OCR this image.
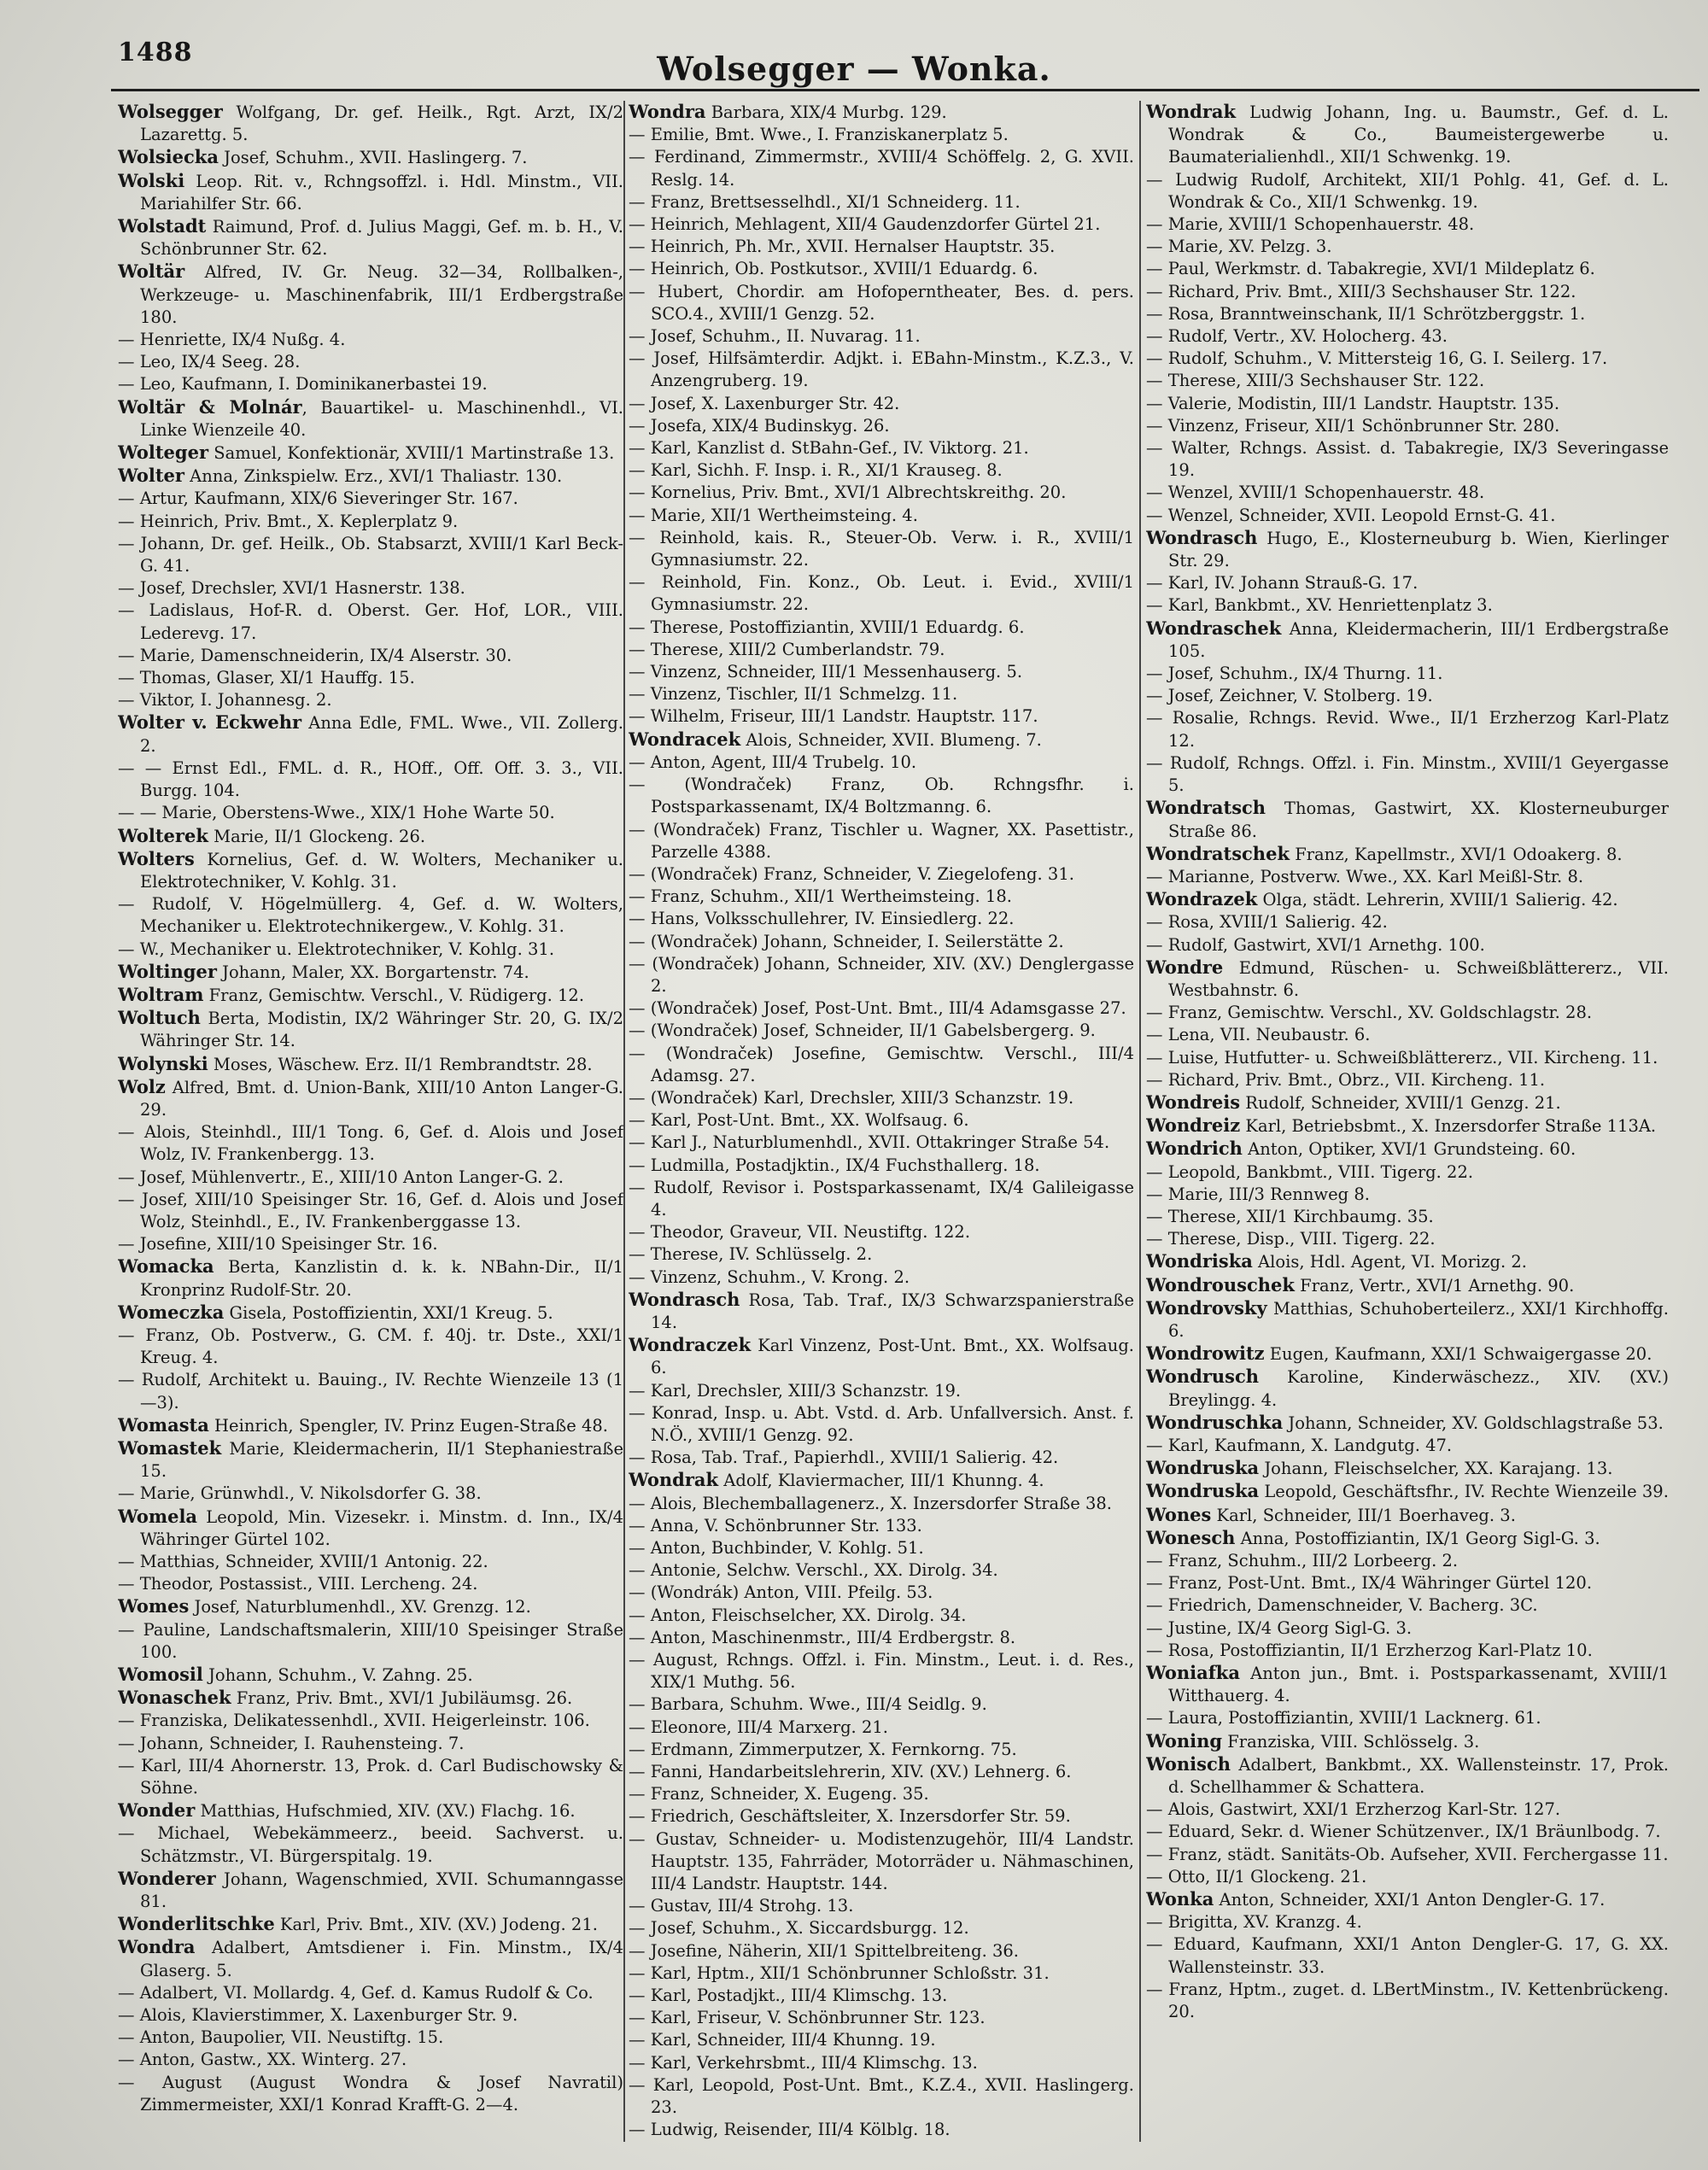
1488	Wolsegger — Wonka.

Wolsegger Wolfgang, Dr. gef. Heilk., Rgt. Arzt, IX/2 Lazarettg. 5.

Wolsiecka Josef, Schuhm., XVII. Haslingerg. 7.

Wolski Leop. Rit. v., Rchngsoffzl. i. Hdl. Minstm., VII. Mariahilfer Str. 66.

Wolstadt Raimund, Prof. d. Julius Maggi, Gef. m. b. H., V. Schönbrunner Str. 62.

Woltär Alfred, IV. Gr. Neug. 32—34, Rollbalken-, Werkzeuge- u. Maschinenfabrik, III/1 Erdbergstraße 180.

— Henriette, IX/4 Nußg. 4.

— Leo, IX/4 Seeg. 28.

— Leo, Kaufmann, I. Dominikanerbastei 19.

Woltär & Molnár, Bauartikel- u. Maschinenhdl., VI. Linke Wienzeile 40.

Wolteger Samuel, Konfektionär, XVIII/1 Martinstraße 13.

Wolter Anna, Zinkspielw. Erz., XVI/1 Thaliastr. 130.

— Artur, Kaufmann, XIX/6 Sieveringer Str. 167.

— Heinrich, Priv. Bmt., X. Keplerplatz 9.

— Johann, Dr. gef. Heilk., Ob. Stabsarzt, XVIII/1 Karl Beck-G. 41.

— Josef, Drechsler, XVI/1 Hasnerstr. 138.

— Ladislaus, Hof-R. d. Oberst. Ger. Hof, LOR., VIII. Lederevg. 17.

— Marie, Damenschneiderin, IX/4 Alserstr. 30.

— Thomas, Glaser, XI/1 Hauffg. 15.

— Viktor, I. Johannesg. 2.

Wolter v. Eckwehr Anna Edle, FML. Wwe., VII. Zollerg. 2.

— — Ernst Edl., FML. d. R., HOff., Off. Off. 3. 3., VII. Burgg. 104.

— — Marie, Oberstens-Wwe., XIX/1 Hohe Warte 50.

Wolterek Marie, II/1 Glockeng. 26.

Wolters Kornelius, Gef. d. W. Wolters, Mechaniker u. Elektrotechniker, V. Kohlg. 31.

— Rudolf, V. Högelmüllerg. 4, Gef. d. W. Wolters, Mechaniker u. Elektrotechnikergew., V. Kohlg. 31.

— W., Mechaniker u. Elektrotechniker, V. Kohlg. 31.

Woltinger Johann, Maler, XX. Borgartenstr. 74.

Woltram Franz, Gemischtw. Verschl., V. Rüdigerg. 12.

Woltuch Berta, Modistin, IX/2 Währinger Str. 20, G. IX/2 Währinger Str. 14.

Wolynski Moses, Wäschew. Erz. II/1 Rembrandtstr. 28.

Wolz Alfred, Bmt. d. Union-Bank, XIII/10 Anton Langer-G. 29.

— Alois, Steinhdl., III/1 Tong. 6, Gef. d. Alois und Josef Wolz, IV. Frankenbergg. 13.

— Josef, Mühlenvertr., E., XIII/10 Anton Langer-G. 2.

— Josef, XIII/10 Speisinger Str. 16, Gef. d. Alois und Josef Wolz, Steinhdl., E., IV. Frankenberggasse 13.

— Josefine, XIII/10 Speisinger Str. 16.

Womacka Berta, Kanzlistin d. k. k. NBahn-Dir., II/1 Kronprinz Rudolf-Str. 20.

Womeczka Gisela, Postoffizientin, XXI/1 Kreug. 5.

— Franz, Ob. Postverw., G. CM. f. 40j. tr. Dste., XXI/1 Kreug. 4.

— Rudolf, Architekt u. Bauing., IV. Rechte Wienzeile 13 (1—3).

Womasta Heinrich, Spengler, IV. Prinz Eugen-Straße 48.

Womastek Marie, Kleidermacherin, II/1 Stephaniestraße 15.

— Marie, Grünwhdl., V. Nikolsdorfer G. 38.

Womela Leopold, Min. Vizesekr. i. Minstm. d. Inn., IX/4 Währinger Gürtel 102.

— Matthias, Schneider, XVIII/1 Antonig. 22.

— Theodor, Postassist., VIII. Lercheng. 24.

Womes Josef, Naturblumenhdl., XV. Grenzg. 12.

— Pauline, Landschaftsmalerin, XIII/10 Speisinger Straße 100.

Womosil Johann, Schuhm., V. Zahng. 25.

Wonaschek Franz, Priv. Bmt., XVI/1 Jubiläumsg. 26.

— Franziska, Delikatessenhdl., XVII. Heigerleinstr. 106.

— Johann, Schneider, I. Rauhensteing. 7.

— Karl, III/4 Ahornerstr. 13, Prok. d. Carl Budischowsky & Söhne.

Wonder Matthias, Hufschmied, XIV. (XV.) Flachg. 16.

— Michael, Webekämmeerz., beeid. Sachverst. u. Schätzmstr., VI. Bürgerspitalg. 19.

Wonderer Johann, Wagenschmied, XVII. Schumanngasse 81.

Wonderlitschke Karl, Priv. Bmt., XIV. (XV.) Jodeng. 21.

Wondra Adalbert, Amtsdiener i. Fin. Minstm., IX/4 Glaserg. 5.

— Adalbert, VI. Mollardg. 4, Gef. d. Kamus Rudolf & Co.

— Alois, Klavierstimmer, X. Laxenburger Str. 9.

— Anton, Baupolier, VII. Neustiftg. 15.

— Anton, Gastw., XX. Winterg. 27.

— August (August Wondra & Josef Navratil) Zimmermeister, XXI/1 Konrad Krafft-G. 2—4.

Wondra Barbara, XIX/4 Murbg. 129.

— Emilie, Bmt. Wwe., I. Franziskanerplatz 5.

— Ferdinand, Zimmermstr., XVIII/4 Schöffelg. 2, G. XVII. Reslg. 14.

— Franz, Brettsesselhdl., XI/1 Schneiderg. 11.

— Heinrich, Mehlagent, XII/4 Gaudenzdorfer Gürtel 21.

— Heinrich, Ph. Mr., XVII. Hernalser Hauptstr. 35.

— Heinrich, Ob. Postkutsor., XVIII/1 Eduardg. 6.

— Hubert, Chordir. am Hofoperntheater, Bes. d. pers. SCO.4., XVIII/1 Genzg. 52.

— Josef, Schuhm., II. Nuvarag. 11.

— Josef, Hilfsämterdir. Adjkt. i. EBahn-Minstm., K.Z.3., V. Anzengruberg. 19.

— Josef, X. Laxenburger Str. 42.

— Josefa, XIX/4 Budinskyg. 26.

— Karl, Kanzlist d. StBahn-Gef., IV. Viktorg. 21.

— Karl, Sichh. F. Insp. i. R., XI/1 Krauseg. 8.

— Kornelius, Priv. Bmt., XVI/1 Albrechtskreithg. 20.

— Marie, XII/1 Wertheimsteing. 4.

— Reinhold, kais. R., Steuer-Ob. Verw. i. R., XVIII/1 Gymnasiumstr. 22.

— Reinhold, Fin. Konz., Ob. Leut. i. Evid., XVIII/1 Gymnasiumstr. 22.

— Therese, Postoffiziantin, XVIII/1 Eduardg. 6.

— Therese, XIII/2 Cumberlandstr. 79.

— Vinzenz, Schneider, III/1 Messenhauserg. 5.

— Vinzenz, Tischler, II/1 Schmelzg. 11.

— Wilhelm, Friseur, III/1 Landstr. Hauptstr. 117.

Wondracek Alois, Schneider, XVII. Blumeng. 7.

— Anton, Agent, III/4 Trubelg. 10.

— (Wondraček) Franz, Ob. Rchngsfhr. i. Postsparkassenamt, IX/4 Boltzmanng. 6.

— (Wondraček) Franz, Tischler u. Wagner, XX. Pasettistr., Parzelle 4388.

— (Wondraček) Franz, Schneider, V. Ziegelofeng. 31.

— Franz, Schuhm., XII/1 Wertheimsteing. 18.

— Hans, Volksschullehrer, IV. Einsiedlerg. 22.

— (Wondraček) Johann, Schneider, I. Seilerstätte 2.

— (Wondraček) Johann, Schneider, XIV. (XV.) Denglergasse 2.

— (Wondraček) Josef, Post-Unt. Bmt., III/4 Adamsgasse 27.

— (Wondraček) Josef, Schneider, II/1 Gabelsbergerg. 9.

— (Wondraček) Josefine, Gemischtw. Verschl., III/4 Adamsg. 27.

— (Wondraček) Karl, Drechsler, XIII/3 Schanzstr. 19.

— Karl, Post-Unt. Bmt., XX. Wolfsaug. 6.

— Karl J., Naturblumenhdl., XVII. Ottakringer Straße 54.

— Ludmilla, Postadjktin., IX/4 Fuchsthallerg. 18.

— Rudolf, Revisor i. Postsparkassenamt, IX/4 Galileigasse 4.

— Theodor, Graveur, VII. Neustiftg. 122.

— Therese, IV. Schlüsselg. 2.

— Vinzenz, Schuhm., V. Krong. 2.

Wondrasch Rosa, Tab. Traf., IX/3 Schwarzspanierstraße 14.

Wondraczek Karl Vinzenz, Post-Unt. Bmt., XX. Wolfsaug. 6.

— Karl, Drechsler, XIII/3 Schanzstr. 19.

— Konrad, Insp. u. Abt. Vstd. d. Arb. Unfallversich. Anst. f. N.Ö., XVIII/1 Genzg. 92.

— Rosa, Tab. Traf., Papierhdl., XVIII/1 Salierig. 42.

Wondrak Adolf, Klaviermacher, III/1 Khunng. 4.

— Alois, Blechemballagenerz., X. Inzersdorfer Straße 38.

— Anna, V. Schönbrunner Str. 133.

— Anton, Buchbinder, V. Kohlg. 51.

— Antonie, Selchw. Verschl., XX. Dirolg. 34.

— (Wondrák) Anton, VIII. Pfeilg. 53.

— Anton, Fleischselcher, XX. Dirolg. 34.

— Anton, Maschinenmstr., III/4 Erdbergstr. 8.

— August, Rchngs. Offzl. i. Fin. Minstm., Leut. i. d. Res., XIX/1 Muthg. 56.

— Barbara, Schuhm. Wwe., III/4 Seidlg. 9.

— Eleonore, III/4 Marxerg. 21.

— Erdmann, Zimmerputzer, X. Fernkorng. 75.

— Fanni, Handarbeitslehrerin, XIV. (XV.) Lehnerg. 6.

— Franz, Schneider, X. Eugeng. 35.

— Friedrich, Geschäftsleiter, X. Inzersdorfer Str. 59.

— Gustav, Schneider- u. Modistenzugehör, III/4 Landstr. Hauptstr. 135, Fahrräder, Motorräder u. Nähmaschinen, III/4 Landstr. Hauptstr. 144.

— Gustav, III/4 Strohg. 13.

— Josef, Schuhm., X. Siccardsburgg. 12.

— Josefine, Näherin, XII/1 Spittelbreiteng. 36.

— Karl, Hptm., XII/1 Schönbrunner Schloßstr. 31.

— Karl, Postadjkt., III/4 Klimschg. 13.

— Karl, Friseur, V. Schönbrunner Str. 123.

— Karl, Schneider, III/4 Khunng. 19.

— Karl, Verkehrsbmt., III/4 Klimschg. 13.

— Karl, Leopold, Post-Unt. Bmt., K.Z.4., XVII. Haslingerg. 23.

— Ludwig, Reisender, III/4 Kölblg. 18.

Wondrak Ludwig Johann, Ing. u. Baumstr., Gef. d. L. Wondrak & Co., Baumeistergewerbe u. Baumaterialienhdl., XII/1 Schwenkg. 19.

— Ludwig Rudolf, Architekt, XII/1 Pohlg. 41, Gef. d. L. Wondrak & Co., XII/1 Schwenkg. 19.

— Marie, XVIII/1 Schopenhauerstr. 48.

— Marie, XV. Pelzg. 3.

— Paul, Werkmstr. d. Tabakregie, XVI/1 Mildeplatz 6.

— Richard, Priv. Bmt., XIII/3 Sechshauser Str. 122.

— Rosa, Branntweinschank, II/1 Schrötzberggstr. 1.

— Rudolf, Vertr., XV. Holocherg. 43.

— Rudolf, Schuhm., V. Mittersteig 16, G. I. Seilerg. 17.

— Therese, XIII/3 Sechshauser Str. 122.

— Valerie, Modistin, III/1 Landstr. Hauptstr. 135.

— Vinzenz, Friseur, XII/1 Schönbrunner Str. 280.

— Walter, Rchngs. Assist. d. Tabakregie, IX/3 Severingasse 19.

— Wenzel, XVIII/1 Schopenhauerstr. 48.

— Wenzel, Schneider, XVII. Leopold Ernst-G. 41.

Wondrasch Hugo, E., Klosterneuburg b. Wien, Kierlinger Str. 29.

— Karl, IV. Johann Strauß-G. 17.

— Karl, Bankbmt., XV. Henriettenplatz 3.

Wondraschek Anna, Kleidermacherin, III/1 Erdbergstraße 105.

— Josef, Schuhm., IX/4 Thurng. 11.

— Josef, Zeichner, V. Stolberg. 19.

— Rosalie, Rchngs. Revid. Wwe., II/1 Erzherzog Karl-Platz 12.

— Rudolf, Rchngs. Offzl. i. Fin. Minstm., XVIII/1 Geyergasse 5.

Wondratsch Thomas, Gastwirt, XX. Klosterneuburger Straße 86.

Wondratschek Franz, Kapellmstr., XVI/1 Odoakerg. 8.

— Marianne, Postverw. Wwe., XX. Karl Meißl-Str. 8.

Wondrazek Olga, städt. Lehrerin, XVIII/1 Salierig. 42.

— Rosa, XVIII/1 Salierig. 42.

— Rudolf, Gastwirt, XVI/1 Arnethg. 100.

Wondre Edmund, Rüschen- u. Schweißblättererz., VII. Westbahnstr. 6.

— Franz, Gemischtw. Verschl., XV. Goldschlagstr. 28.

— Lena, VII. Neubaustr. 6.

— Luise, Hutfutter- u. Schweißblättererz., VII. Kircheng. 11.

— Richard, Priv. Bmt., Obrz., VII. Kircheng. 11.

Wondreis Rudolf, Schneider, XVIII/1 Genzg. 21.

Wondreiz Karl, Betriebsbmt., X. Inzersdorfer Straße 113A.

Wondrich Anton, Optiker, XVI/1 Grundsteing. 60.

— Leopold, Bankbmt., VIII. Tigerg. 22.

— Marie, III/3 Rennweg 8.

— Therese, XII/1 Kirchbaumg. 35.

— Therese, Disp., VIII. Tigerg. 22.

Wondriska Alois, Hdl. Agent, VI. Morizg. 2.

Wondrouschek Franz, Vertr., XVI/1 Arnethg. 90.

Wondrovsky Matthias, Schuhoberteilerz., XXI/1 Kirchhoffg. 6.

Wondrowitz Eugen, Kaufmann, XXI/1 Schwaigergasse 20.

Wondrusch Karoline, Kinderwäschezz., XIV. (XV.) Breylingg. 4.

Wondruschka Johann, Schneider, XV. Goldschlagstraße 53.

— Karl, Kaufmann, X. Landgutg. 47.

Wondruska Johann, Fleischselcher, XX. Karajang. 13.

Wondruska Leopold, Geschäftsfhr., IV. Rechte Wienzeile 39.

Wones Karl, Schneider, III/1 Boerhaveg. 3.

Wonesch Anna, Postoffiziantin, IX/1 Georg Sigl-G. 3.

— Franz, Schuhm., III/2 Lorbeerg. 2.

— Franz, Post-Unt. Bmt., IX/4 Währinger Gürtel 120.

— Friedrich, Damenschneider, V. Bacherg. 3C.

— Justine, IX/4 Georg Sigl-G. 3.

— Rosa, Postoffiziantin, II/1 Erzherzog Karl-Platz 10.

Woniafka Anton jun., Bmt. i. Postsparkassenamt, XVIII/1 Witthauerg. 4.

— Laura, Postoffiziantin, XVIII/1 Lacknerg. 61.

Woning Franziska, VIII. Schlösselg. 3.

Wonisch Adalbert, Bankbmt., XX. Wallensteinstr. 17, Prok. d. Schellhammer & Schattera.

— Alois, Gastwirt, XXI/1 Erzherzog Karl-Str. 127.

— Eduard, Sekr. d. Wiener Schützenver., IX/1 Bräunlbodg. 7.

— Franz, städt. Sanitäts-Ob. Aufseher, XVII. Ferchergasse 11.

— Otto, II/1 Glockeng. 21.

Wonka Anton, Schneider, XXI/1 Anton Dengler-G. 17.

— Brigitta, XV. Kranzg. 4.

— Eduard, Kaufmann, XXI/1 Anton Dengler-G. 17, G. XX. Wallensteinstr. 33.

— Franz, Hptm., zuget. d. LBertMinstm., IV. Kettenbrückeng. 20.
